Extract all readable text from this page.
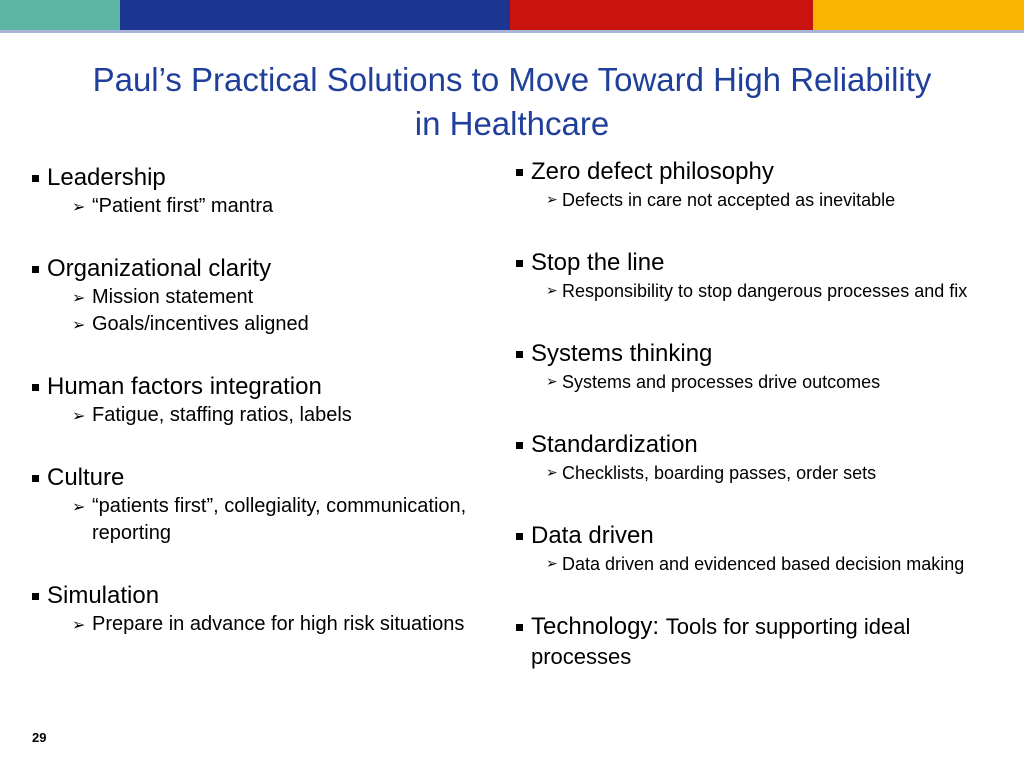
Paul’s Practical Solutions to Move Toward High Reliability
in Healthcare
Leadership
➢ “Patient first” mantra
Organizational clarity
➢ Mission statement
➢ Goals/incentives aligned
Human factors integration
➢ Fatigue, staffing ratios, labels
Culture
➢ “patients first”, collegiality, communication, reporting
Simulation
➢ Prepare in advance for high risk situations
Zero defect philosophy
➢ Defects in care not accepted as inevitable
Stop the line
➢ Responsibility to stop dangerous processes and fix
Systems thinking
➢ Systems and processes drive outcomes
Standardization
➢ Checklists, boarding passes, order sets
Data driven
➢ Data driven and evidenced based decision making
Technology: Tools for supporting ideal processes
29
